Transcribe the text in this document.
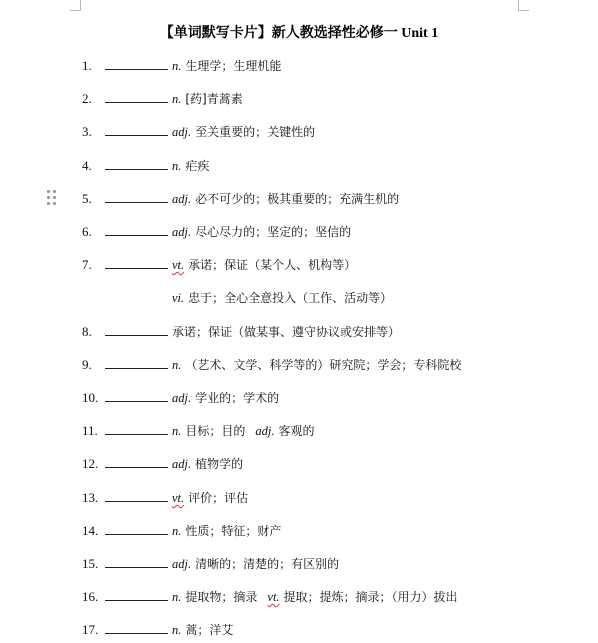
【单词默写卡片】新人教选择性必修一 Unit 1
1.	n. 生理学；生理机能
2.	n. [药]青蒿素
3.	adj. 至关重要的；关键性的
4.	n. 疟疾
5.	adj. 必不可少的；极其重要的；充满生机的
6.	adj. 尽心尽力的；坚定的；坚信的
7.	vt. 承诺；保证（某个人、机构等）
vi. 忠于；全心全意投入（工作、活动等）
8.	承诺；保证（做某事、遵守协议或安排等）
9.	n. （艺术、文学、科学等的）研究院；学会；专科院校
10.	adj. 学业的；学术的
11.	n. 目标；目的 adj. 客观的
12.	adj. 植物学的
13.	vt. 评价；评估
14.	n. 性质；特征；财产
15.	adj. 清晰的；清楚的；有区别的
16.	n. 提取物；摘录 vt. 提取；提炼；摘录；（用力）拔出
17.	n. 蒿；洋艾
